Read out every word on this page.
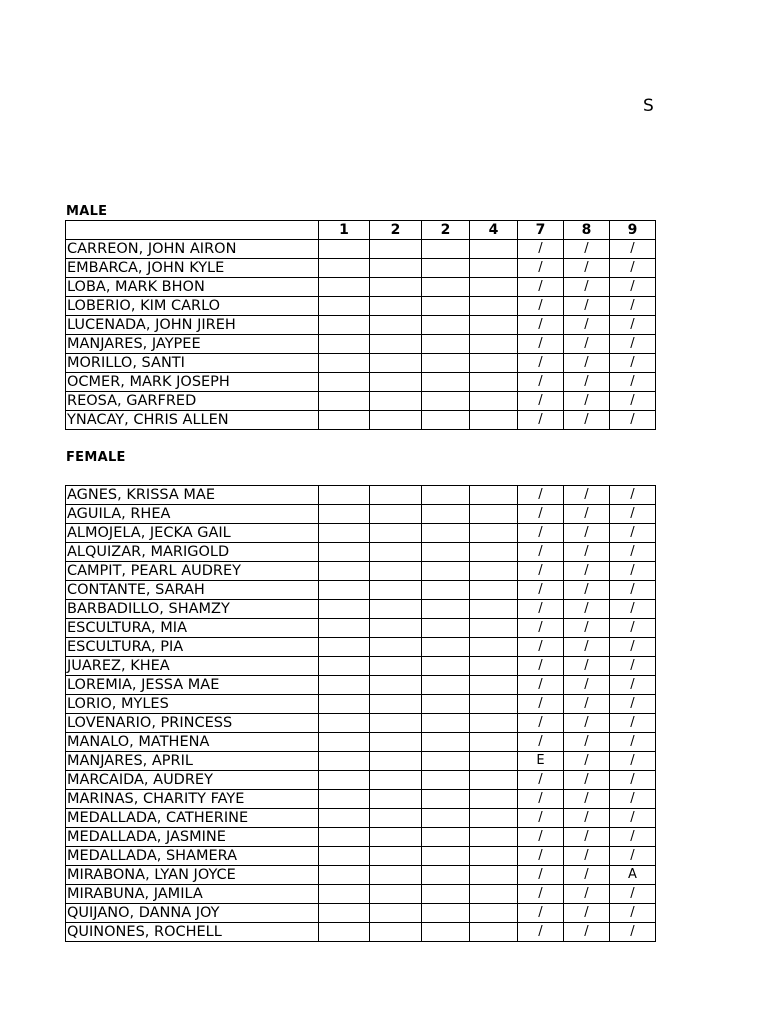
S
MALE
	1	2	2	4	7	8	9
CARREON, JOHN AIRON					/	/	/
EMBARCA, JOHN KYLE					/	/	/
LOBA, MARK BHON					/	/	/
LOBERIO, KIM CARLO					/	/	/
LUCENADA, JOHN JIREH					/	/	/
MANJARES, JAYPEE					/	/	/
MORILLO, SANTI					/	/	/
OCMER, MARK JOSEPH					/	/	/
REOSA, GARFRED					/	/	/
YNACAY, CHRIS ALLEN					/	/	/
FEMALE
AGNES, KRISSA MAE					/	/	/
AGUILA, RHEA					/	/	/
ALMOJELA, JECKA GAIL					/	/	/
ALQUIZAR, MARIGOLD					/	/	/
CAMPIT, PEARL AUDREY					/	/	/
CONTANTE, SARAH					/	/	/
BARBADILLO, SHAMZY					/	/	/
ESCULTURA, MIA					/	/	/
ESCULTURA, PIA					/	/	/
JUAREZ, KHEA					/	/	/
LOREMIA, JESSA MAE					/	/	/
LORIO, MYLES					/	/	/
LOVENARIO, PRINCESS					/	/	/
MANALO, MATHENA					/	/	/
MANJARES, APRIL					E	/	/
MARCAIDA, AUDREY					/	/	/
MARINAS, CHARITY FAYE					/	/	/
MEDALLADA, CATHERINE					/	/	/
MEDALLADA, JASMINE					/	/	/
MEDALLADA, SHAMERA					/	/	/
MIRABONA, LYAN JOYCE					/	/	A
MIRABUNA, JAMILA					/	/	/
QUIJANO, DANNA JOY					/	/	/
QUINONES, ROCHELL					/	/	/
